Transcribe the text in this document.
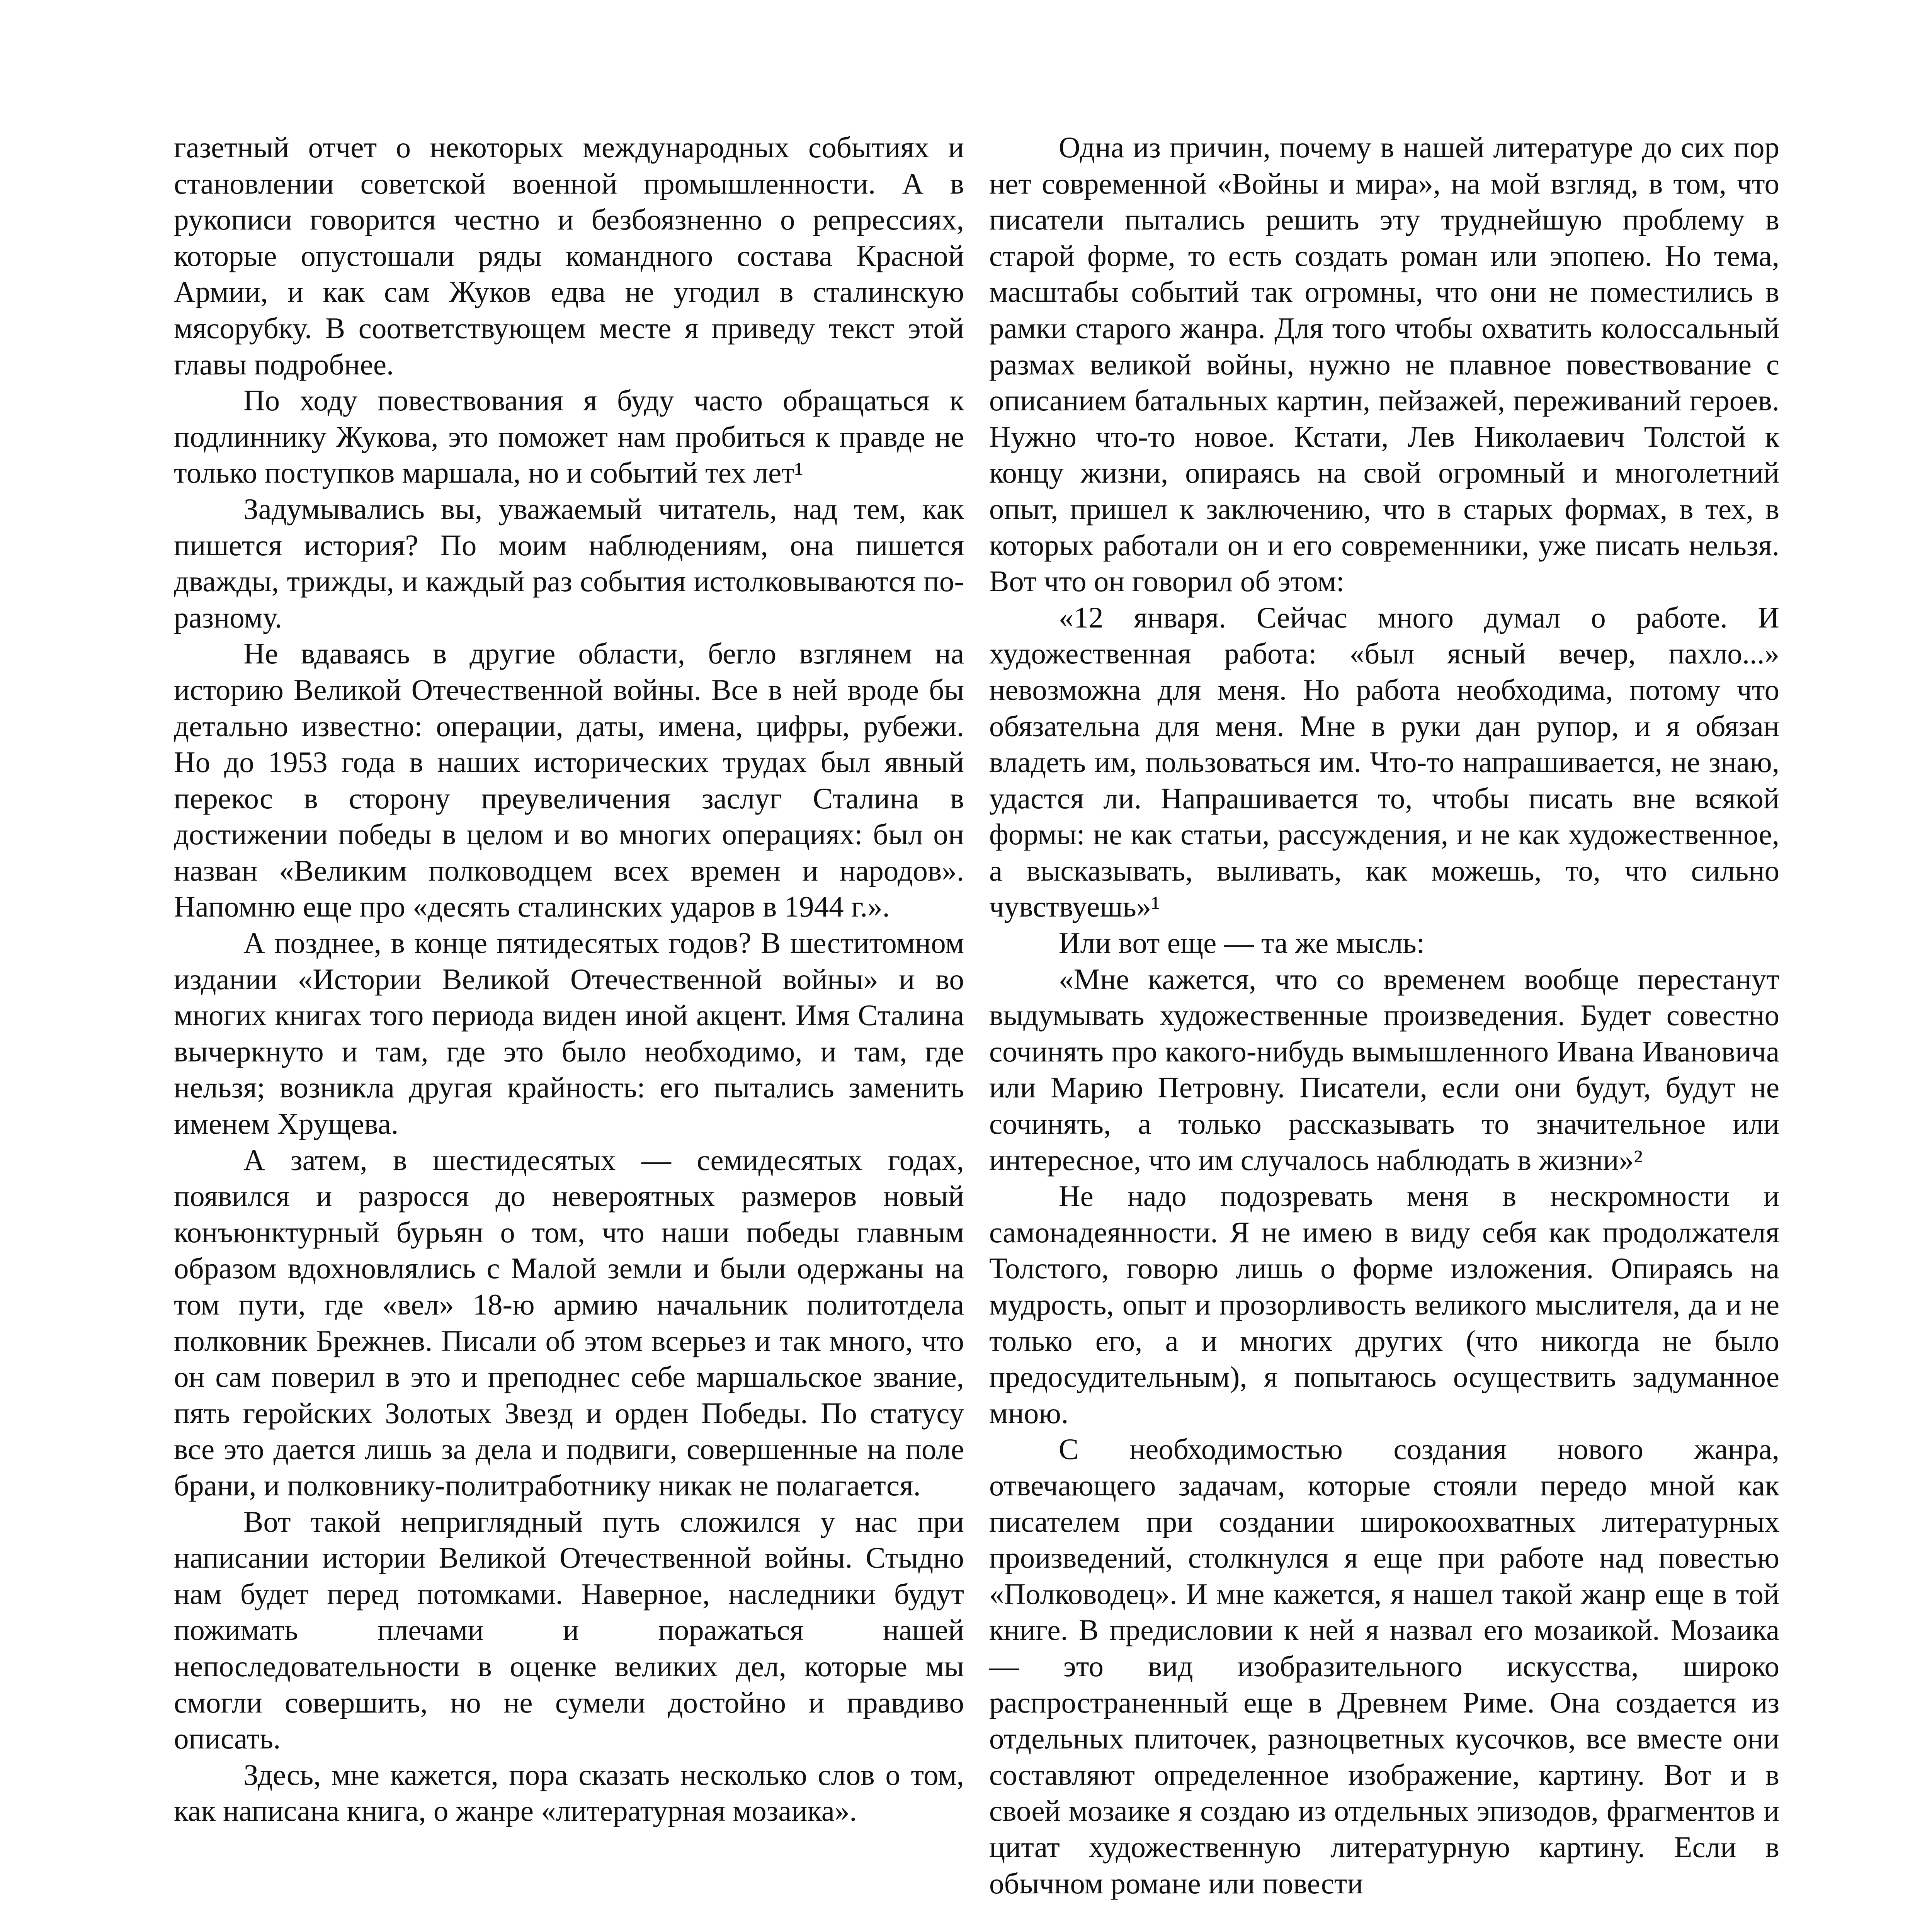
газетный отчет о некоторых международных событиях и становлении советской военной промышленности. А в рукописи говорится честно и безбоязненно о репрессиях, которые опустошали ряды командного состава Красной Армии, и как сам Жуков едва не угодил в сталинскую мясорубку. В соответствующем месте я приведу текст этой главы подробнее.

По ходу повествования я буду часто обращаться к подлиннику Жукова, это поможет нам пробиться к правде не только поступков маршала, но и событий тех лет¹

Задумывались вы, уважаемый читатель, над тем, как пишется история? По моим наблюдениям, она пишется дважды, трижды, и каждый раз события истолковываются по-разному.

Не вдаваясь в другие области, бегло взглянем на историю Великой Отечественной войны. Все в ней вроде бы детально известно: операции, даты, имена, цифры, рубежи. Но до 1953 года в наших исторических трудах был явный перекос в сторону преувеличения заслуг Сталина в достижении победы в целом и во многих операциях: был он назван «Великим полководцем всех времен и народов». Напомню еще про «десять сталинских ударов в 1944 г.».

А позднее, в конце пятидесятых годов? В шеститомном издании «Истории Великой Отечественной войны» и во многих книгах того периода виден иной акцент. Имя Сталина вычеркнуто и там, где это было необходимо, и там, где нельзя; возникла другая крайность: его пытались заменить именем Хрущева.

А затем, в шестидесятых — семидесятых годах, появился и разросся до невероятных размеров новый конъюнктурный бурьян о том, что наши победы главным образом вдохновлялись с Малой земли и были одержаны на том пути, где «вел» 18-ю армию начальник политотдела полковник Брежнев. Писали об этом всерьез и так много, что он сам поверил в это и преподнес себе маршальское звание, пять геройских Золотых Звезд и орден Победы. По статусу все это дается лишь за дела и подвиги, совершенные на поле брани, и полковнику-политработнику никак не полагается.

Вот такой неприглядный путь сложился у нас при написании истории Великой Отечественной войны. Стыдно нам будет перед потомками. Наверное, наследники будут пожимать плечами и поражаться нашей непоследовательности в оценке великих дел, которые мы смогли совершить, но не сумели достойно и правдиво описать.

Здесь, мне кажется, пора сказать несколько слов о том, как написана книга, о жанре «литературная мозаика».

Одна из причин, почему в нашей литературе до сих пор нет современной «Войны и мира», на мой взгляд, в том, что писатели пытались решить эту труднейшую проблему в старой форме, то есть создать роман или эпопею. Но тема, масштабы событий так огромны, что они не поместились в рамки старого жанра. Для того чтобы охватить колоссальный размах великой войны, нужно не плавное повествование с описанием батальных картин, пейзажей, переживаний героев. Нужно что-то новое. Кстати, Лев Николаевич Толстой к концу жизни, опираясь на свой огромный и многолетний опыт, пришел к заключению, что в старых формах, в тех, в которых работали он и его современники, уже писать нельзя. Вот что он говорил об этом:

«12 января. Сейчас много думал о работе. И художественная работа: «был ясный вечер, пахло...» невозможна для меня. Но работа необходима, потому что обязательна для меня. Мне в руки дан рупор, и я обязан владеть им, пользоваться им. Что-то напрашивается, не знаю, удастся ли. Напрашивается то, чтобы писать вне всякой формы: не как статьи, рассуждения, и не как художественное, а высказывать, выливать, как можешь, то, что сильно чувствуешь»¹

Или вот еще — та же мысль:

«Мне кажется, что со временем вообще перестанут выдумывать художественные произведения. Будет совестно сочинять про какого-нибудь вымышленного Ивана Ивановича или Марию Петровну. Писатели, если они будут, будут не сочинять, а только рассказывать то значительное или интересное, что им случалось наблюдать в жизни»²

Не надо подозревать меня в нескромности и самонадеянности. Я не имею в виду себя как продолжателя Толстого, говорю лишь о форме изложения. Опираясь на мудрость, опыт и прозорливость великого мыслителя, да и не только его, а и многих других (что никогда не было предосудительным), я попытаюсь осуществить задуманное мною.

С необходимостью создания нового жанра, отвечающего задачам, которые стояли передо мной как писателем при создании широкоохватных литературных произведений, столкнулся я еще при работе над повестью «Полководец». И мне кажется, я нашел такой жанр еще в той книге. В предисловии к ней я назвал его мозаикой. Мозаика — это вид изобразительного искусства, широко распространенный еще в Древнем Риме. Она создается из отдельных плиточек, разноцветных кусочков, все вместе они составляют определенное изображение, картину. Вот и в своей мозаике я создаю из отдельных эпизодов, фрагментов и цитат художественную литературную картину. Если в обычном романе или повести
